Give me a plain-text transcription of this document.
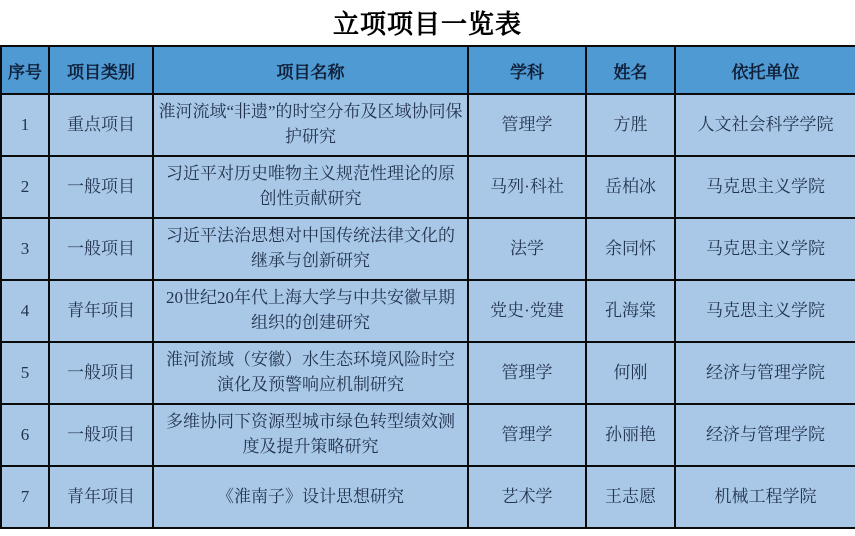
立项项目一览表
序号	项目类别	项目名称	学科	姓名	依托单位
1	重点项目	淮河流域“非遗”的时空分布及区域协同保护研究	管理学	方胜	人文社会科学学院
2	一般项目	习近平对历史唯物主义规范性理论的原创性贡献研究	马列·科社	岳柏冰	马克思主义学院
3	一般项目	习近平法治思想对中国传统法律文化的继承与创新研究	法学	余同怀	马克思主义学院
4	青年项目	20世纪20年代上海大学与中共安徽早期组织的创建研究	党史·党建	孔海棠	马克思主义学院
5	一般项目	淮河流域（安徽）水生态环境风险时空演化及预警响应机制研究	管理学	何刚	经济与管理学院
6	一般项目	多维协同下资源型城市绿色转型绩效测度及提升策略研究	管理学	孙丽艳	经济与管理学院
7	青年项目	《淮南子》设计思想研究	艺术学	王志愿	机械工程学院
